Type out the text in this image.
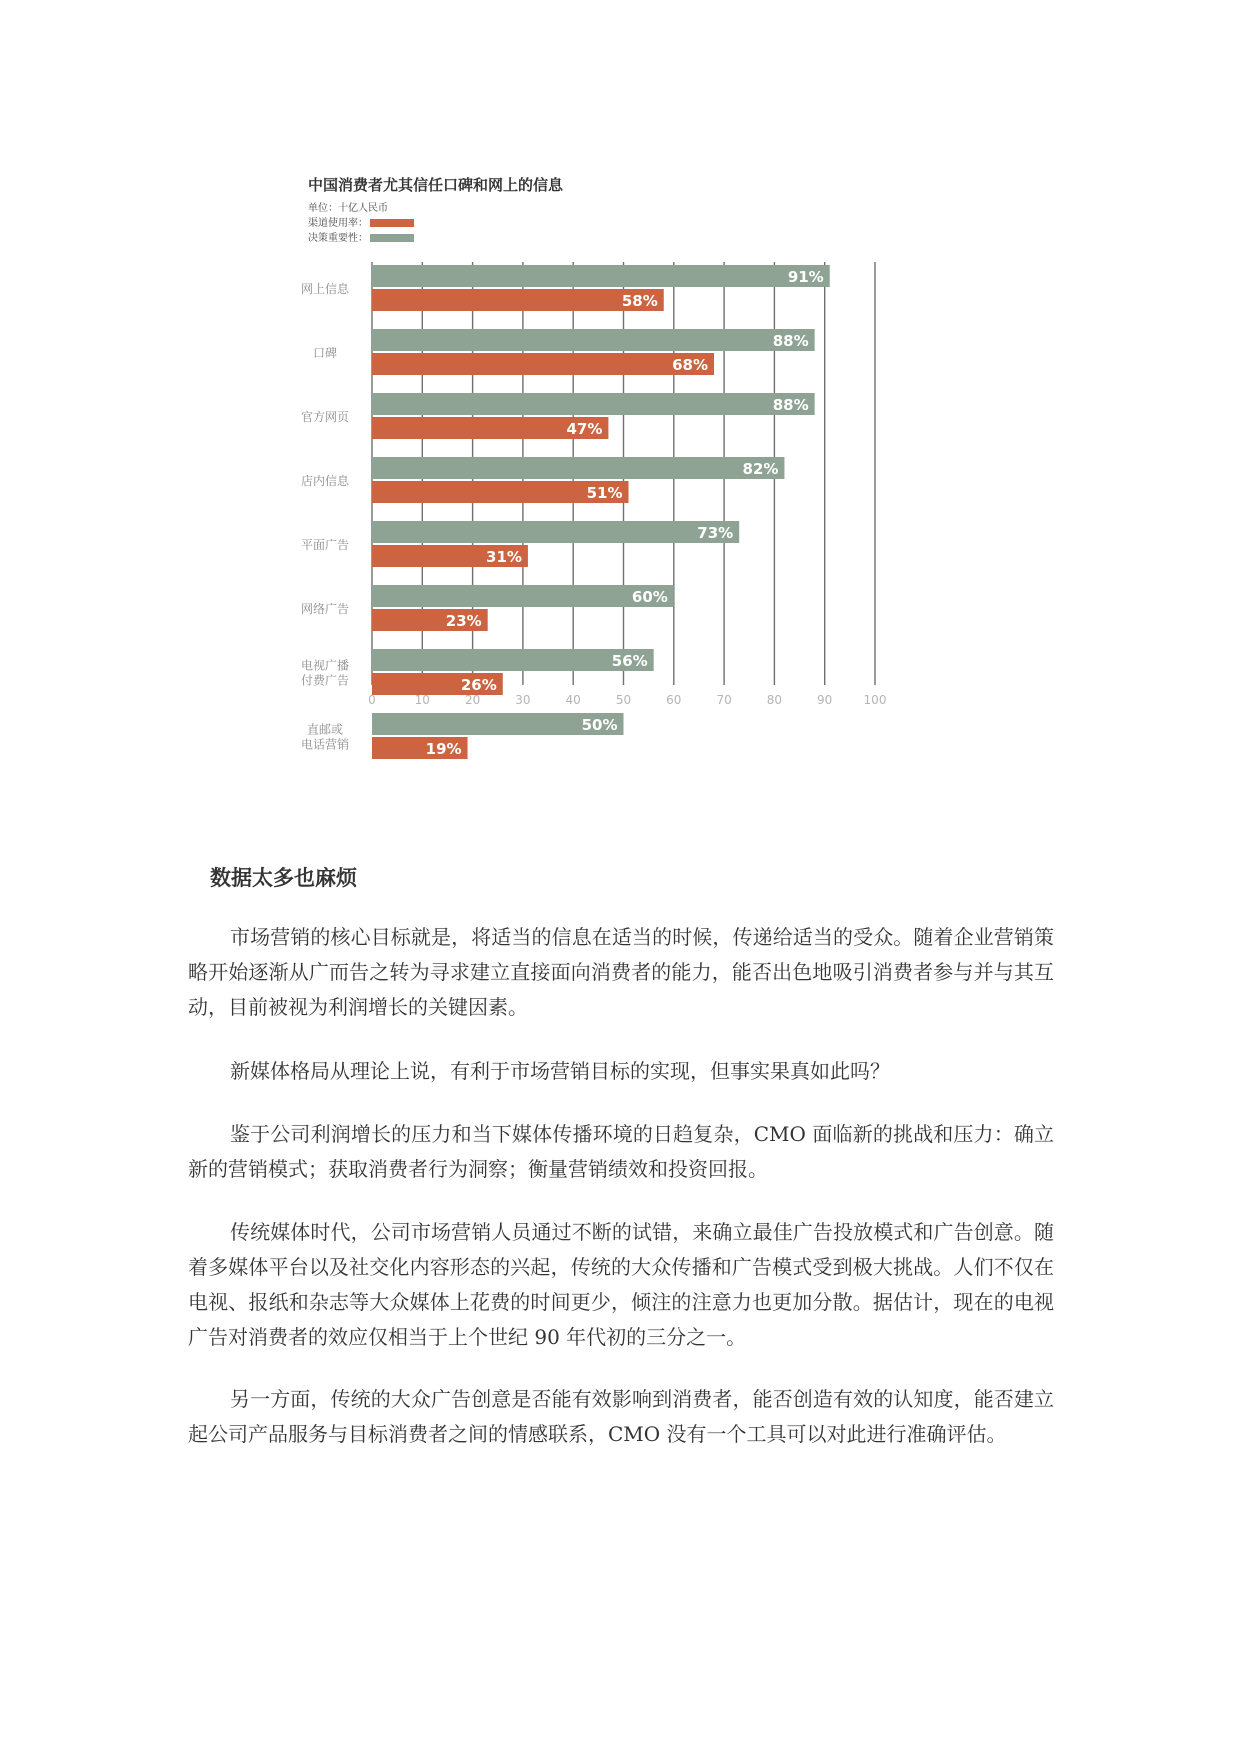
中国消费者尤其信任口碑和网上的信息
单位：十亿人民币
渠道使用率：
决策重要性：
91%
58%
88%
68%
88%
47%
82%
51%
73%
31%
60%
23%
56%
26%
50%
19%
0	10	20	30	40	50	60	70	80	90	100
网上信息
口碑
官方网页
店内信息
平面广告
网络广告
电视广播
付费广告
直邮或
电话营销
数据太多也麻烦

市场营销的核心目标就是，将适当的信息在适当的时候，传递给适当的受众。随着企业营销策略开始逐渐从广而告之转为寻求建立直接面向消费者的能力，能否出色地吸引消费者参与并与其互动，目前被视为利润增长的关键因素。

新媒体格局从理论上说，有利于市场营销目标的实现，但事实果真如此吗？

鉴于公司利润增长的压力和当下媒体传播环境的日趋复杂，CMO 面临新的挑战和压力：确立新的营销模式；获取消费者行为洞察；衡量营销绩效和投资回报。

传统媒体时代，公司市场营销人员通过不断的试错，来确立最佳广告投放模式和广告创意。随着多媒体平台以及社交化内容形态的兴起，传统的大众传播和广告模式受到极大挑战。人们不仅在电视、报纸和杂志等大众媒体上花费的时间更少，倾注的注意力也更加分散。据估计，现在的电视广告对消费者的效应仅相当于上个世纪 90 年代初的三分之一。

另一方面，传统的大众广告创意是否能有效影响到消费者，能否创造有效的认知度，能否建立起公司产品服务与目标消费者之间的情感联系，CMO 没有一个工具可以对此进行准确评估。
